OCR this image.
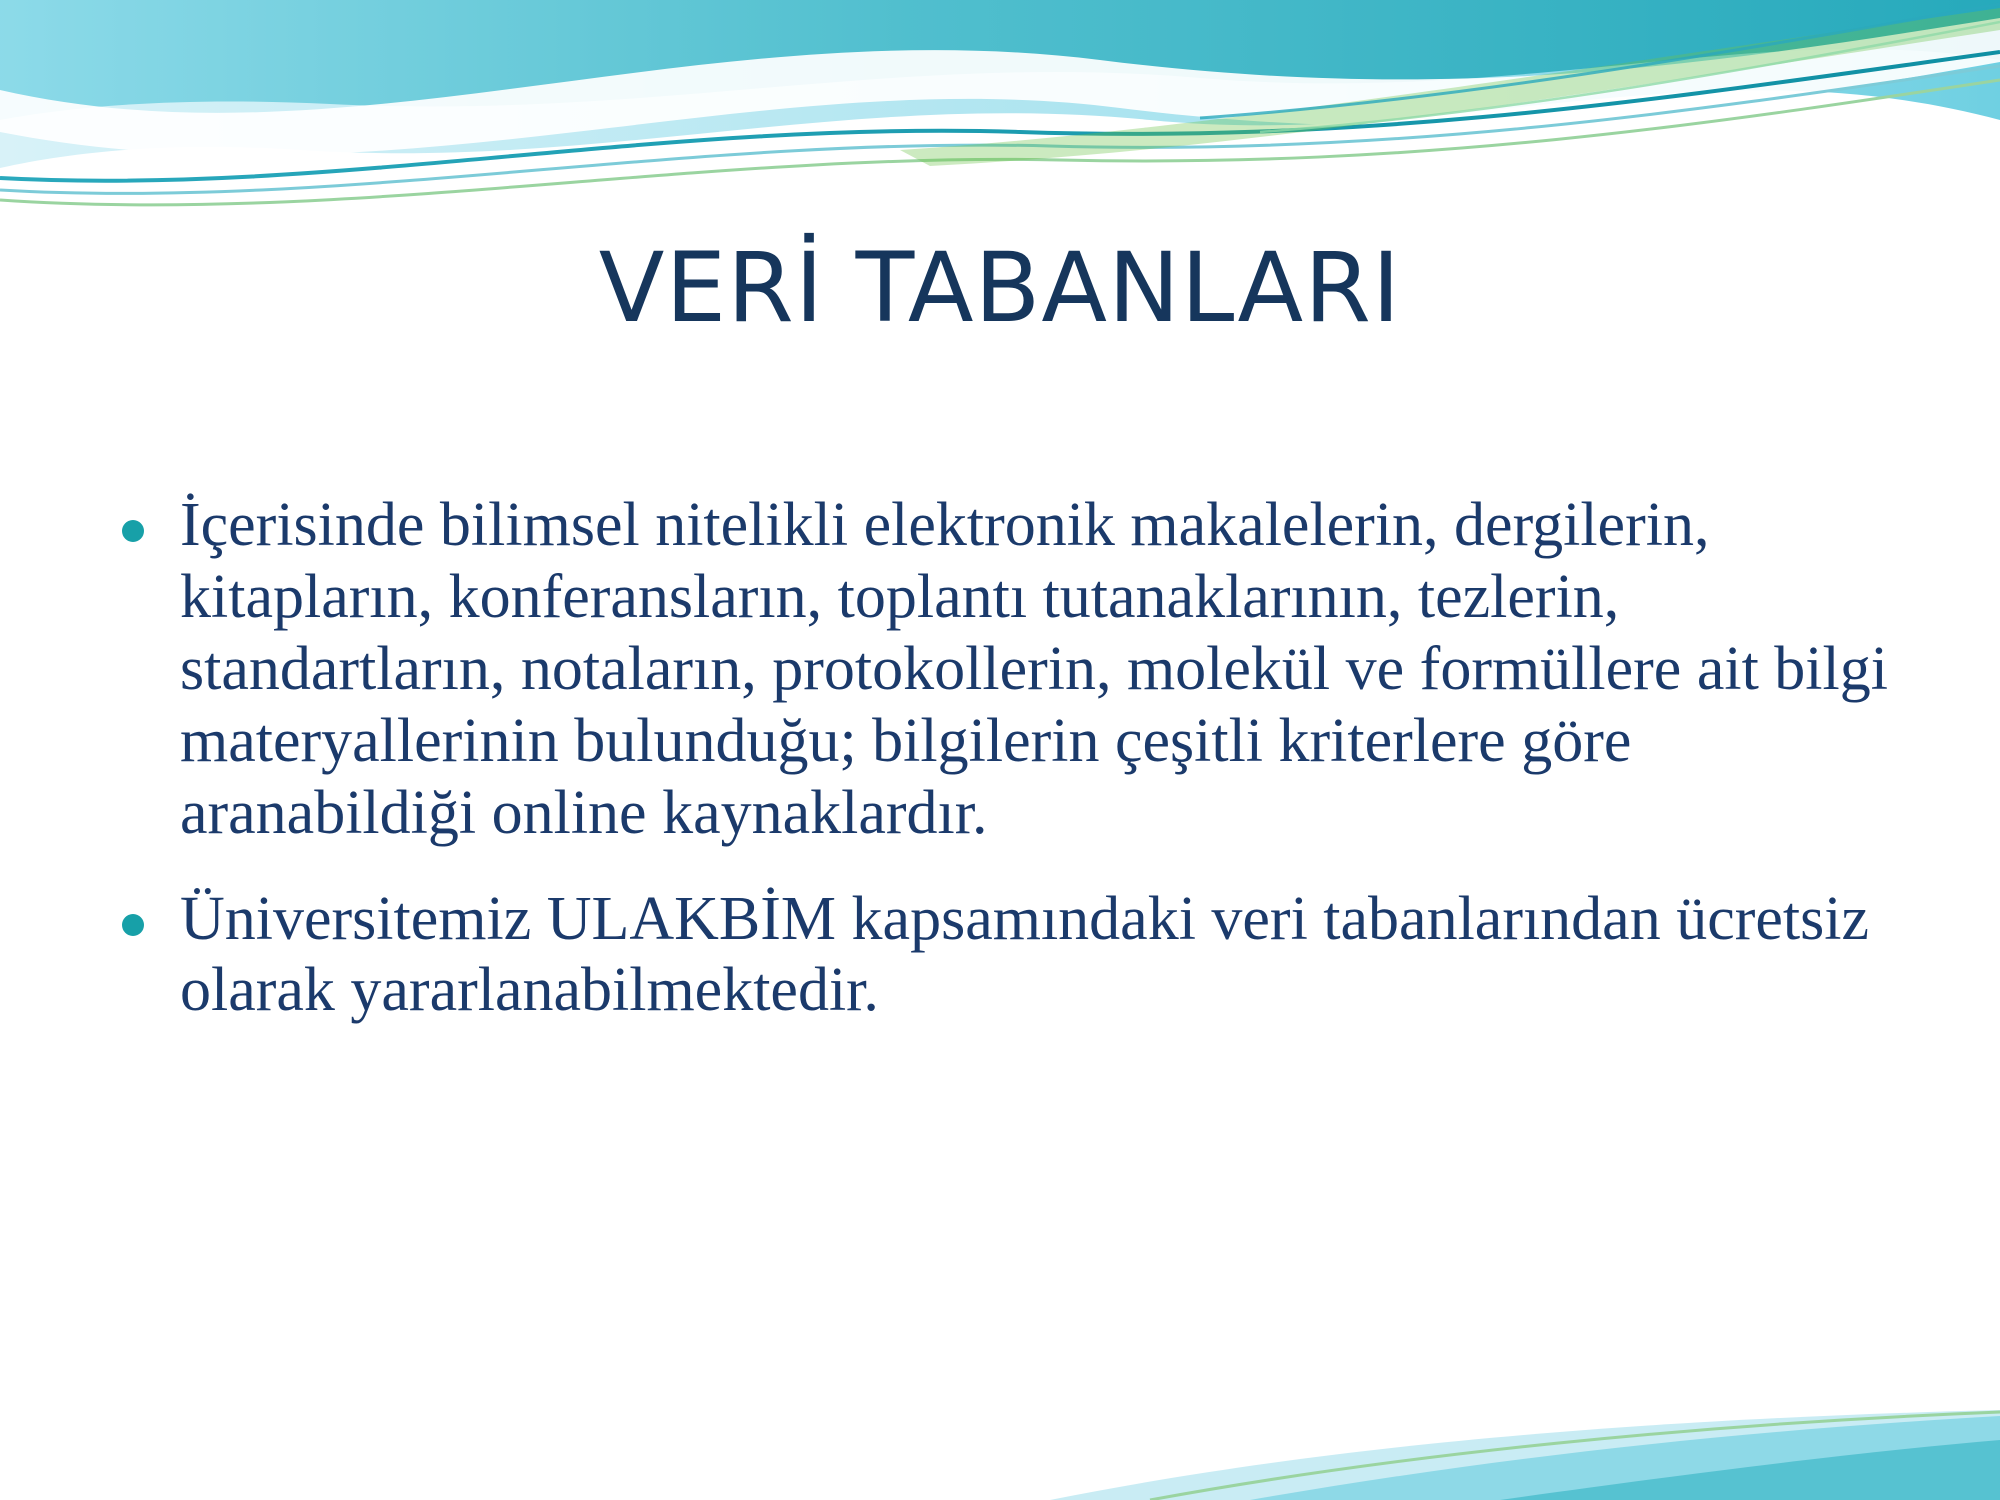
VERİ TABANLARI
İçerisinde bilimsel nitelikli elektronik makalelerin, dergilerin, kitapların, konferansların, toplantı tutanaklarının, tezlerin, standartların, notaların, protokollerin, molekül ve formüllere ait bilgi materyallerinin bulunduğu; bilgilerin çeşitli kriterlere göre aranabildiği online kaynaklardır.
Üniversitemiz ULAKBİM kapsamındaki veri tabanlarından ücretsiz olarak yararlanabilmektedir.
